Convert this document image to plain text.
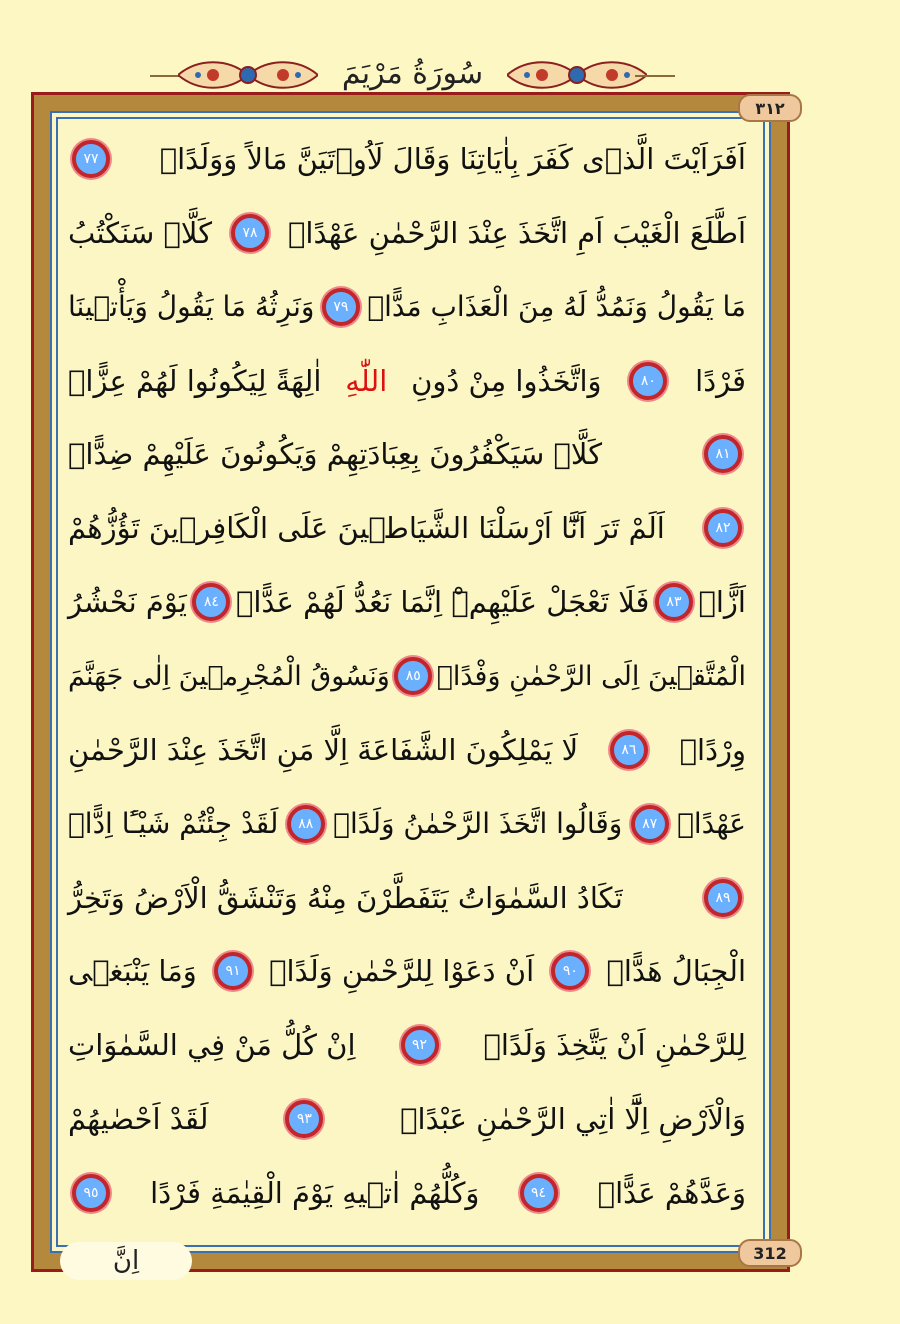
سُورَةُ مَرْيَمَ
٣١٢
اَفَرَاَيْتَ الَّذ۪ى كَفَرَ بِاٰيَاتِنَا وَقَالَ لَاُو۫تَيَنَّ مَالاً وَوَلَدًاۜ
٧٧
اَطَّلَعَ الْغَيْبَ اَمِ اتَّخَذَ عِنْدَ الرَّحْمٰنِ عَهْدًاۙ
٧٨
كَلَّاۜ سَنَكْتُبُ
مَا يَقُولُ وَنَمُدُّ لَهُ مِنَ الْعَذَابِ مَدًّاۙ
٧٩
وَنَرِثُهُ مَا يَقُولُ وَيَأْت۪ينَا
فَرْدًا
٨٠
وَاتَّخَذُوا مِنْ دُونِ
اللّٰهِ
اٰلِهَةً لِيَكُونُوا لَهُمْ عِزًّاۙ
٨١
كَلَّاۜ سَيَكْفُرُونَ بِعِبَادَتِهِمْ وَيَكُونُونَ عَلَيْهِمْ ضِدًّاۚ
٨٢
اَلَمْ تَرَ اَنَّٓا اَرْسَلْنَا الشَّيَاط۪ينَ عَلَى الْكَافِر۪ينَ تَؤُزُّهُمْ
اَزًّاۙ
٨٣
فَلَا تَعْجَلْ عَلَيْهِمْۜ اِنَّمَا نَعُدُّ لَهُمْ عَدًّاۚ
٨٤
يَوْمَ نَحْشُرُ
الْمُتَّق۪ينَ اِلَى الرَّحْمٰنِ وَفْدًاۙ
٨٥
وَنَسُوقُ الْمُجْرِم۪ينَ اِلٰى جَهَنَّمَ
وِرْدًاۢ
٨٦
لَا يَمْلِكُونَ الشَّفَاعَةَ اِلَّا مَنِ اتَّخَذَ عِنْدَ الرَّحْمٰنِ
عَهْدًاۢ
٨٧
وَقَالُوا اتَّخَذَ الرَّحْمٰنُ وَلَدًاۜ
٨٨
لَقَدْ جِئْتُمْ شَيْـًٔا اِدًّاۙ
٨٩
تَكَادُ السَّمٰوَاتُ يَتَفَطَّرْنَ مِنْهُ وَتَنْشَقُّ الْاَرْضُ وَتَخِرُّ
الْجِبَالُ هَدًّاۙ
٩٠
اَنْ دَعَوْا لِلرَّحْمٰنِ وَلَدًاۚ
٩١
وَمَا يَنْبَغ۪ى
لِلرَّحْمٰنِ اَنْ يَتَّخِذَ وَلَدًاۜ
٩٢
اِنْ كُلُّ مَنْ فِي السَّمٰوَاتِ
وَالْاَرْضِ اِلَّٓا اٰتِي الرَّحْمٰنِ عَبْدًاۜ
٩٣
لَقَدْ اَحْصٰيهُمْ
وَعَدَّهُمْ عَدًّاۜ
٩٤
وَكُلُّهُمْ اٰت۪يهِ يَوْمَ الْقِيٰمَةِ فَرْدًا
٩٥
312
اِنَّ
